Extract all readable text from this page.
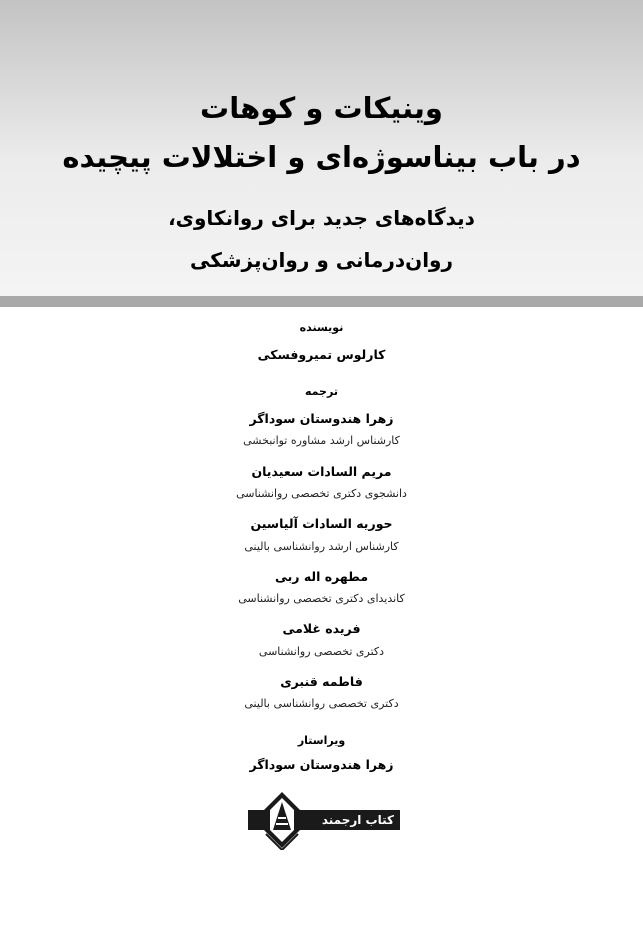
وینیکات و کوهات
در باب بیناسوژه‌ای و اختلالات پیچیده
دیدگاه‌های جدید برای روانکاوی،
روان‌درمانی و روان‌پزشکی
نویسنده
کارلوس تمیروفسکی
ترجمه
زهرا هندوستان سوداگر
کارشناس ارشد مشاوره توانبخشی
مریم السادات سعیدیان
دانشجوی دکتری تخصصی روانشناسی
حوریه السادات آلیاسین
کارشناس ارشد روانشناسی بالینی
مطهره اله ربی
کاندیدای دکتری تخصصی روانشناسی
فریده غلامی
دکتری تخصصی روانشناسی
فاطمه قنبری
دکتری تخصصی روانشناسی بالینی
ویراستار
زهرا هندوستان سوداگر
کتاب ارجمند
